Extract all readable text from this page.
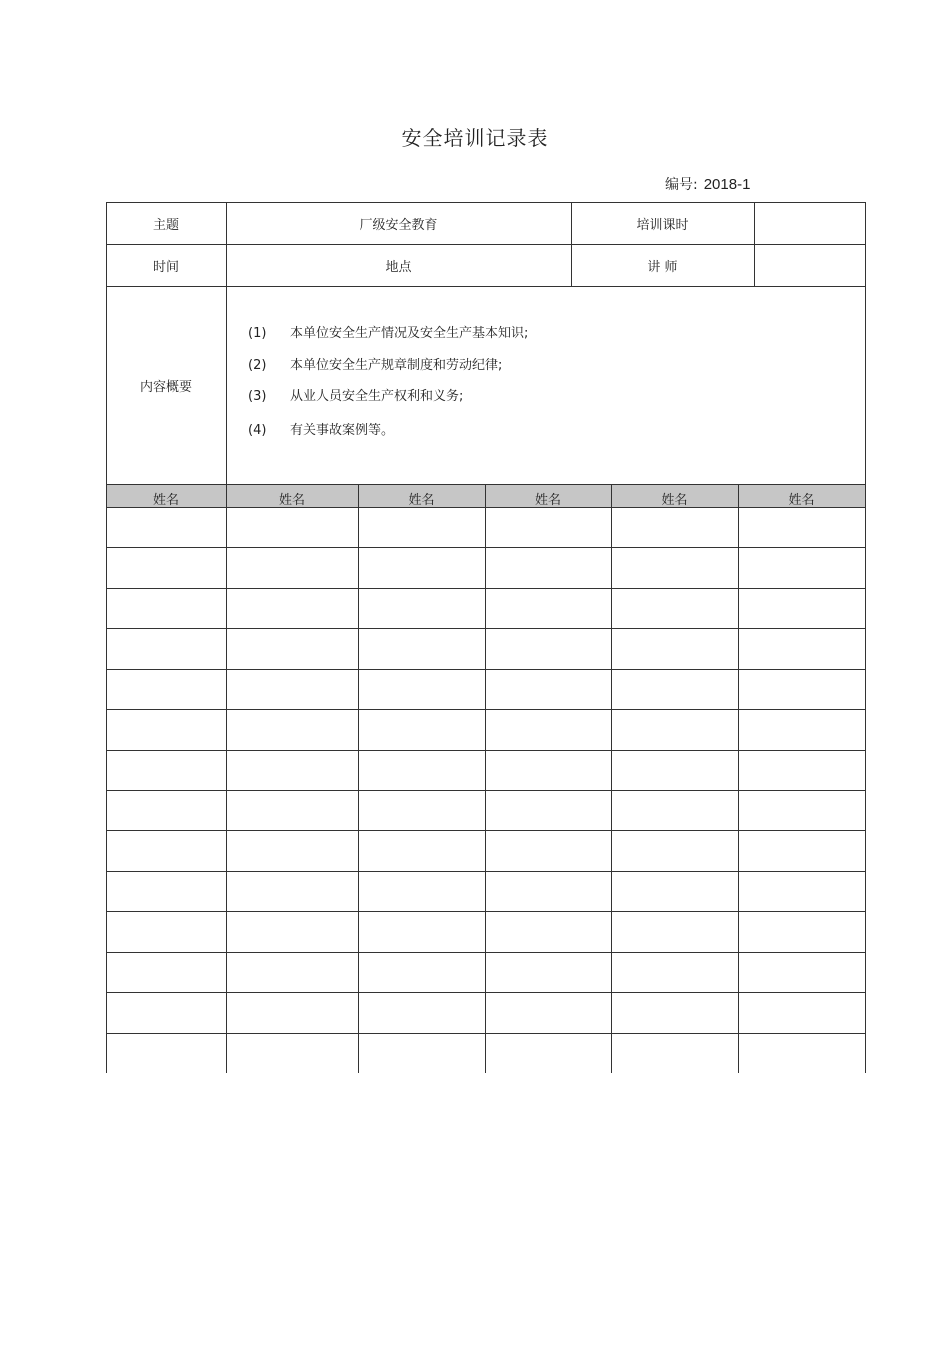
安全培训记录表
编号: 2018-1
主题	厂级安全教育	培训课时
时间	地点	讲 师
内容概要
(1) 本单位安全生产情况及安全生产基本知识;
(2) 本单位安全生产规章制度和劳动纪律;
(3) 从业人员安全生产权利和义务;
(4) 有关事故案例等。
姓名	姓名	姓名	姓名	姓名	姓名
